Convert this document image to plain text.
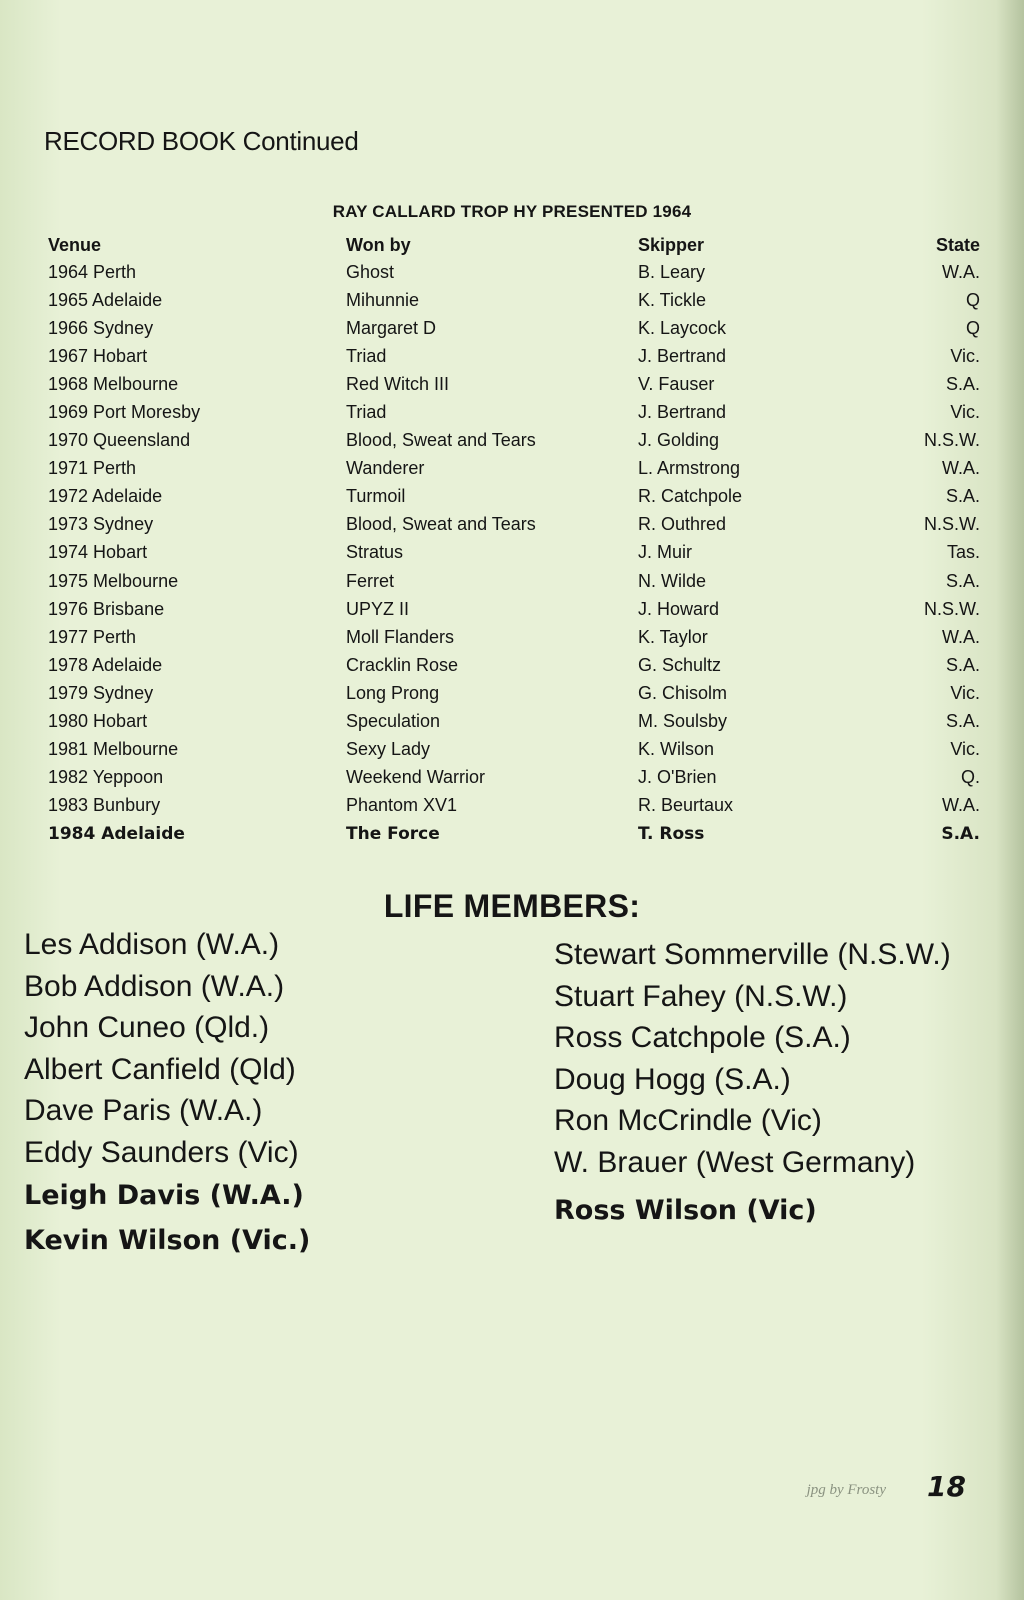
RECORD BOOK Continued
RAY CALLARD TROP HY PRESENTED 1964
Venue	Won by	Skipper	State
1964 Perth	Ghost	B. Leary	W.A.
1965 Adelaide	Mihunnie	K. Tickle	Q
1966 Sydney	Margaret D	K. Laycock	Q
1967 Hobart	Triad	J. Bertrand	Vic.
1968 Melbourne	Red Witch III	V. Fauser	S.A.
1969 Port Moresby	Triad	J. Bertrand	Vic.
1970 Queensland	Blood, Sweat and Tears	J. Golding	N.S.W.
1971 Perth	Wanderer	L. Armstrong	W.A.
1972 Adelaide	Turmoil	R. Catchpole	S.A.
1973 Sydney	Blood, Sweat and Tears	R. Outhred	N.S.W.
1974 Hobart	Stratus	J. Muir	Tas.
1975 Melbourne	Ferret	N. Wilde	S.A.
1976 Brisbane	UPYZ II	J. Howard	N.S.W.
1977 Perth	Moll Flanders	K. Taylor	W.A.
1978 Adelaide	Cracklin Rose	G. Schultz	S.A.
1979 Sydney	Long Prong	G. Chisolm	Vic.
1980 Hobart	Speculation	M. Soulsby	S.A.
1981 Melbourne	Sexy Lady	K. Wilson	Vic.
1982 Yeppoon	Weekend Warrior	J. O'Brien	Q.
1983 Bunbury	Phantom XV1	R. Beurtaux	W.A.
1984 Adelaide	The Force	T. Ross	S.A.
LIFE MEMBERS:
Les Addison (W.A.)
Bob Addison (W.A.)
John Cuneo (Qld.)
Albert Canfield (Qld)
Dave Paris (W.A.)
Eddy Saunders (Vic)
Leigh Davis (W.A.)
Kevin Wilson (Vic.)
Stewart Sommerville (N.S.W.)
Stuart Fahey (N.S.W.)
Ross Catchpole (S.A.)
Doug Hogg (S.A.)
Ron McCrindle (Vic)
W. Brauer (West Germany)
Ross Wilson (Vic)
jpg by Frosty 18
